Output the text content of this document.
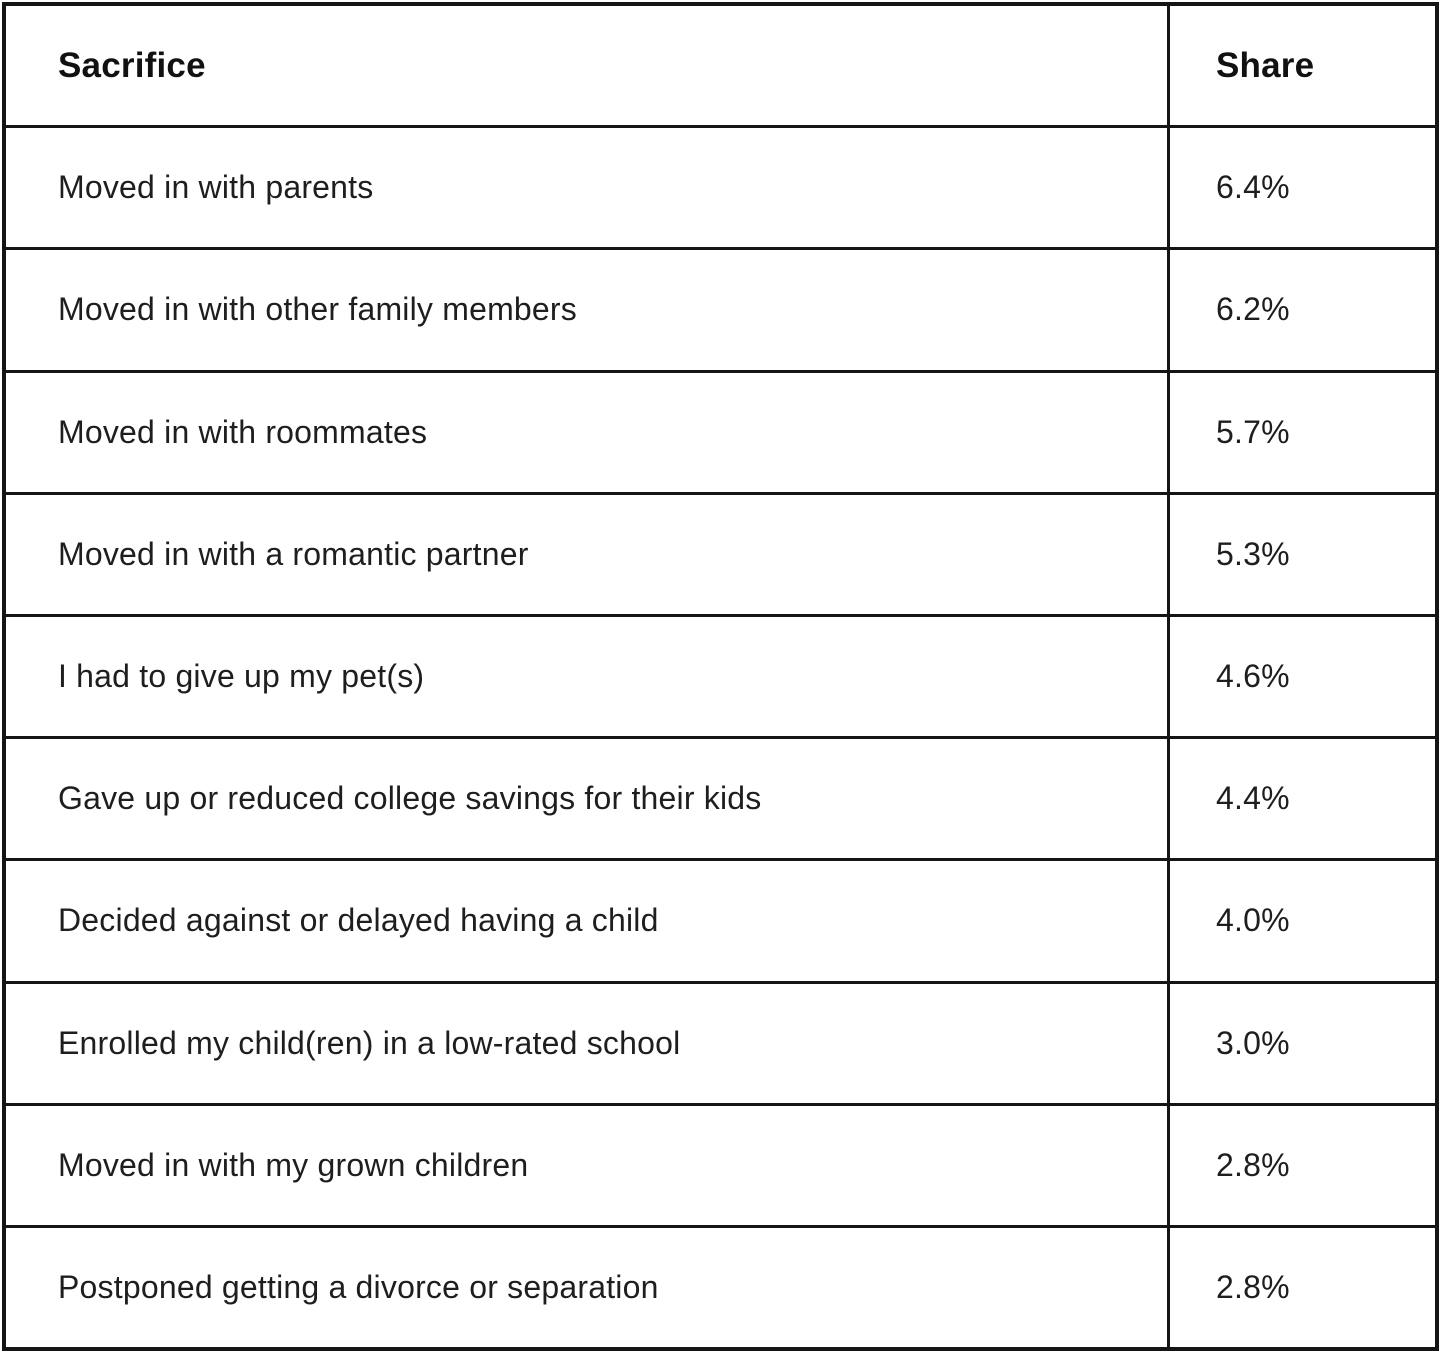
Sacrifice	Share
Moved in with parents	6.4%
Moved in with other family members	6.2%
Moved in with roommates	5.7%
Moved in with a romantic partner	5.3%
I had to give up my pet(s)	4.6%
Gave up or reduced college savings for their kids	4.4%
Decided against or delayed having a child	4.0%
Enrolled my child(ren) in a low-rated school	3.0%
Moved in with my grown children	2.8%
Postponed getting a divorce or separation	2.8%
